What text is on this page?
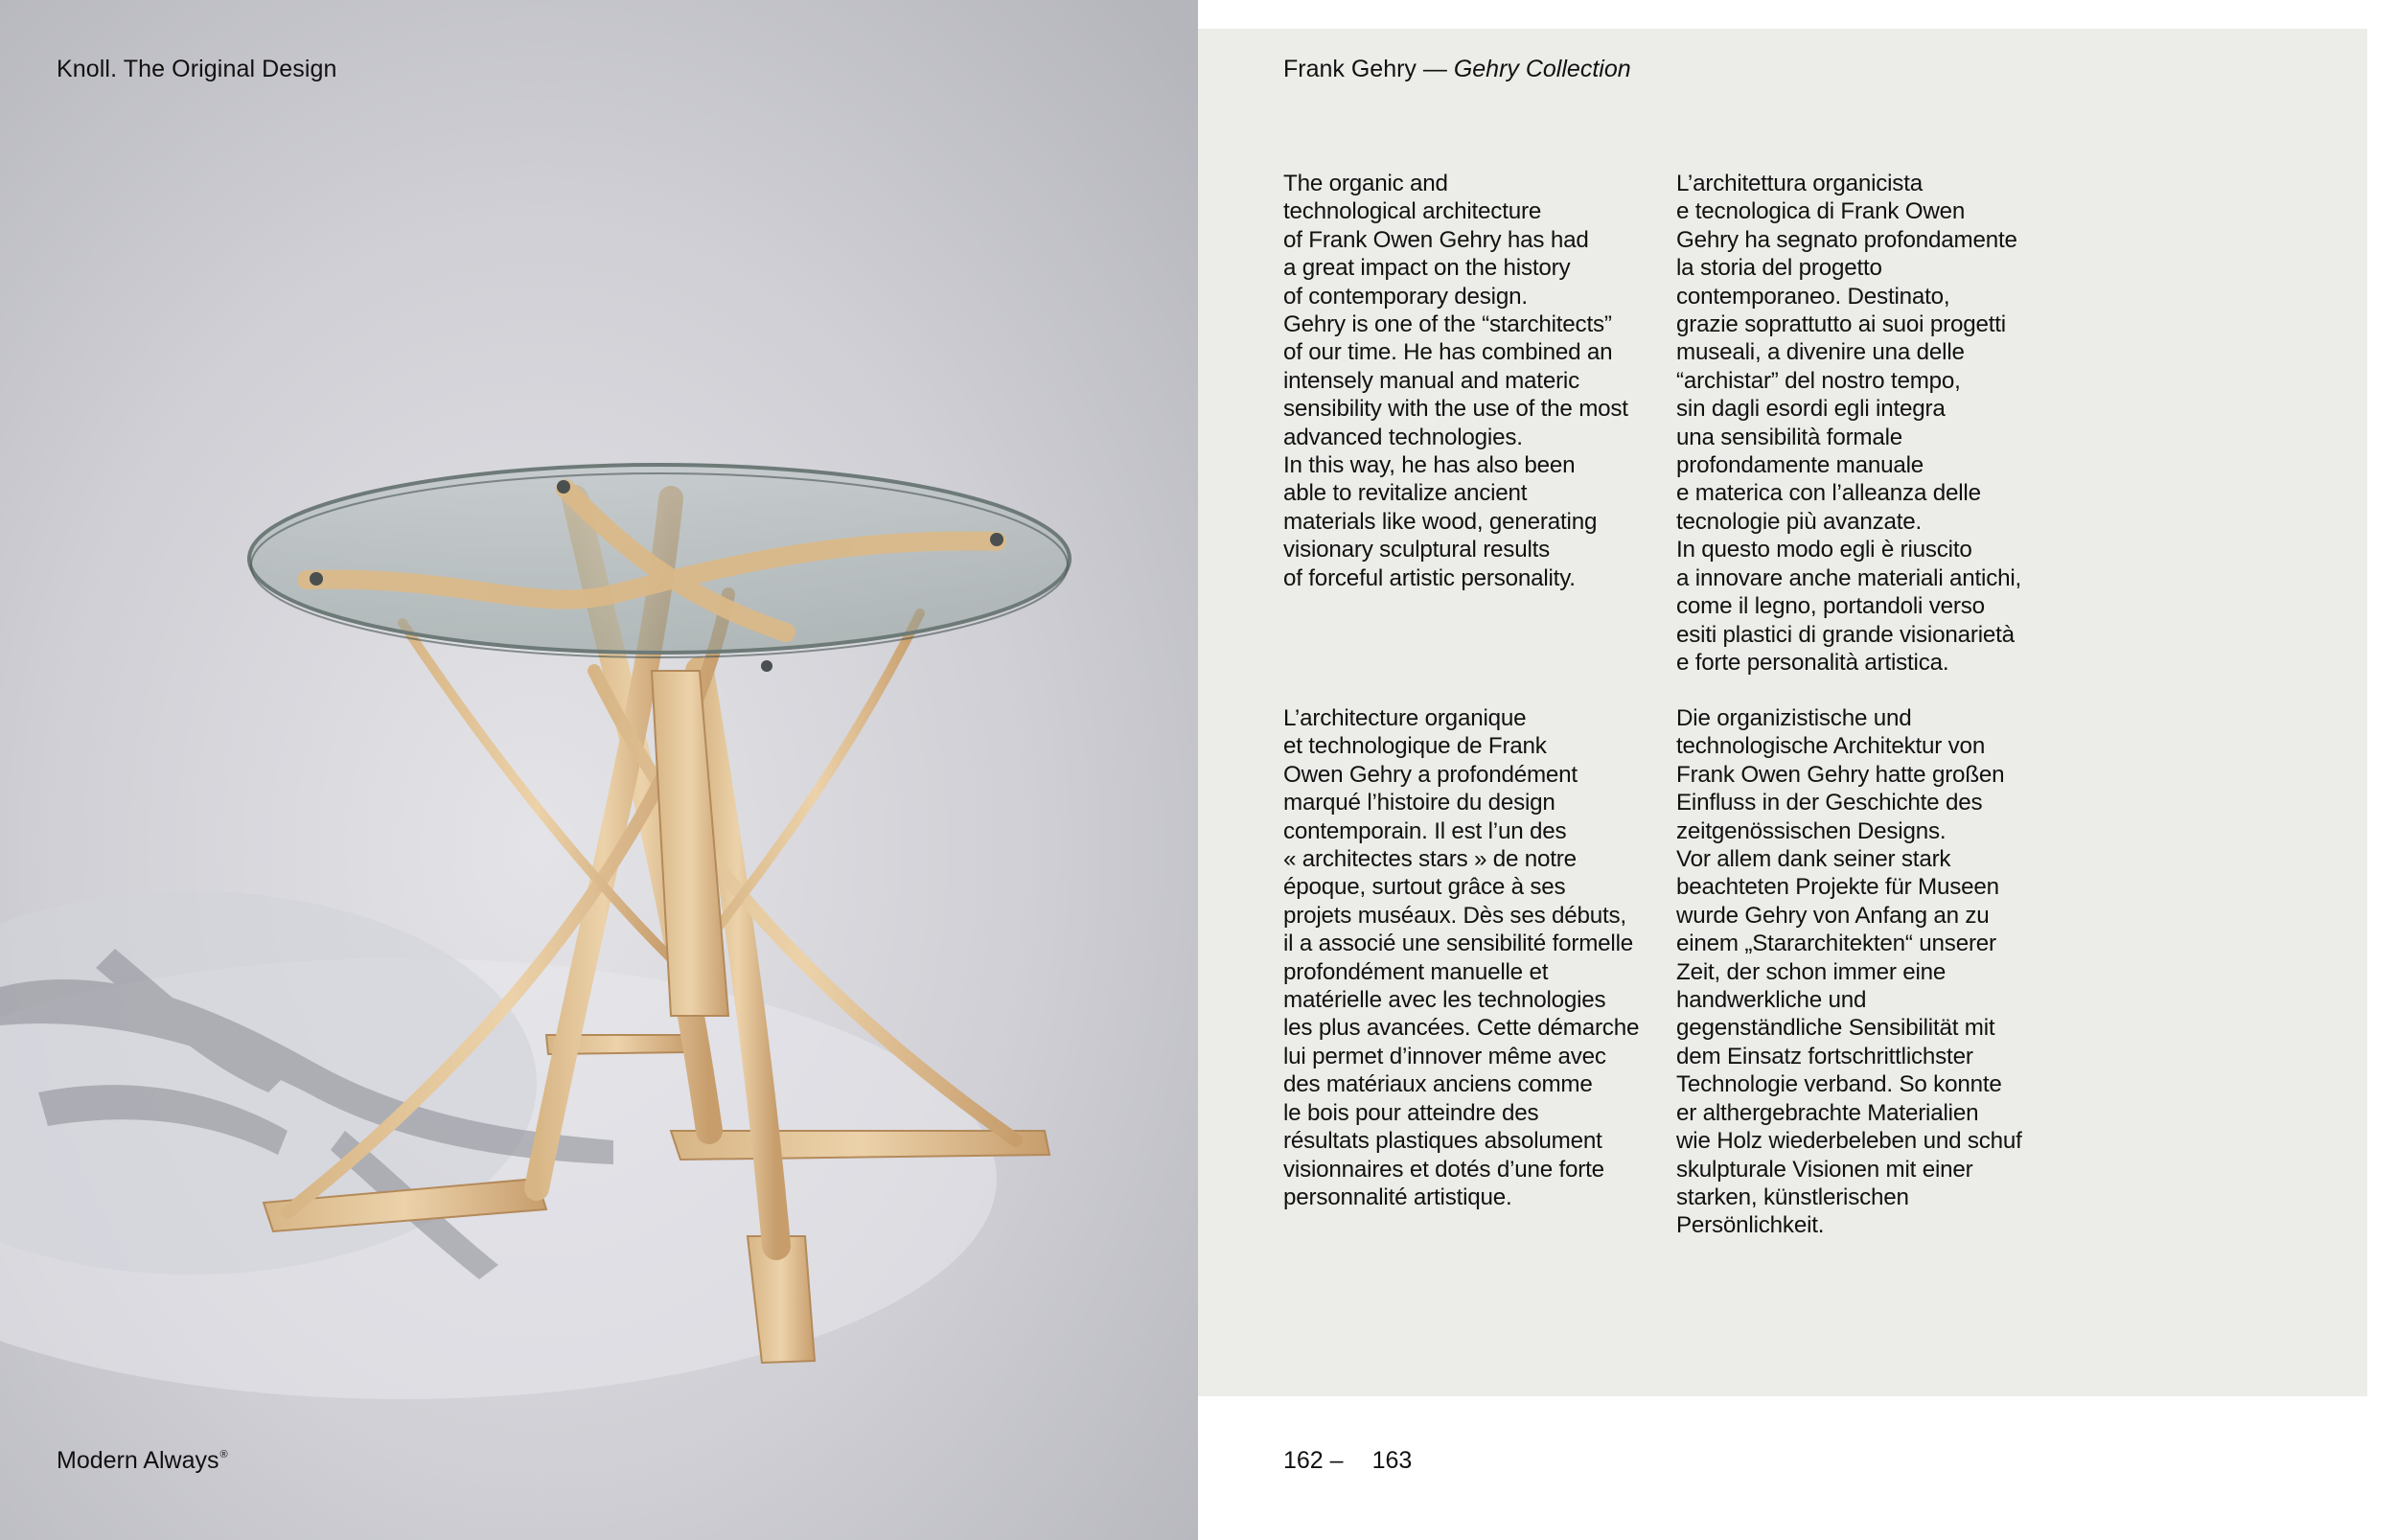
Knoll. The Original Design
Modern Always®
Frank Gehry — Gehry Collection
The organic and
technological architecture
of Frank Owen Gehry has had
a great impact on the history
of contemporary design.
Gehry is one of the “starchitects”
of our time. He has combined an
intensely manual and materic
sensibility with the use of the most
advanced technologies.
In this way, he has also been
able to revitalize ancient
materials like wood, generating
visionary sculptural results
of forceful artistic personality.
L’architettura organicista
e tecnologica di Frank Owen
Gehry ha segnato profondamente
la storia del progetto
contemporaneo. Destinato,
grazie soprattutto ai suoi progetti
museali, a divenire una delle
“archistar” del nostro tempo,
sin dagli esordi egli integra
una sensibilità formale
profondamente manuale
e materica con l’alleanza delle
tecnologie più avanzate.
In questo modo egli è riuscito
a innovare anche materiali antichi,
come il legno, portandoli verso
esiti plastici di grande visionarietà
e forte personalità artistica.
L’architecture organique
et technologique de Frank
Owen Gehry a profondément
marqué l’histoire du design
contemporain. Il est l’un des
« architectes stars » de notre
époque, surtout grâce à ses
projets muséaux. Dès ses débuts,
il a associé une sensibilité formelle
profondément manuelle et
matérielle avec les technologies
les plus avancées. Cette démarche
lui permet d’innover même avec
des matériaux anciens comme
le bois pour atteindre des
résultats plastiques absolument
visionnaires et dotés d’une forte
personnalité artistique.
Die organizistische und
technologische Architektur von
Frank Owen Gehry hatte großen
Einfluss in der Geschichte des
zeitgenössischen Designs.
Vor allem dank seiner stark
beachteten Projekte für Museen
wurde Gehry von Anfang an zu
einem „Stararchitekten“ unserer
Zeit, der schon immer eine
handwerkliche und
gegenständliche Sensibilität mit
dem Einsatz fortschrittlichster
Technologie verband. So konnte
er althergebrachte Materialien
wie Holz wiederbeleben und schuf
skulpturale Visionen mit einer
starken, künstlerischen
Persönlichkeit.
162 – 163
